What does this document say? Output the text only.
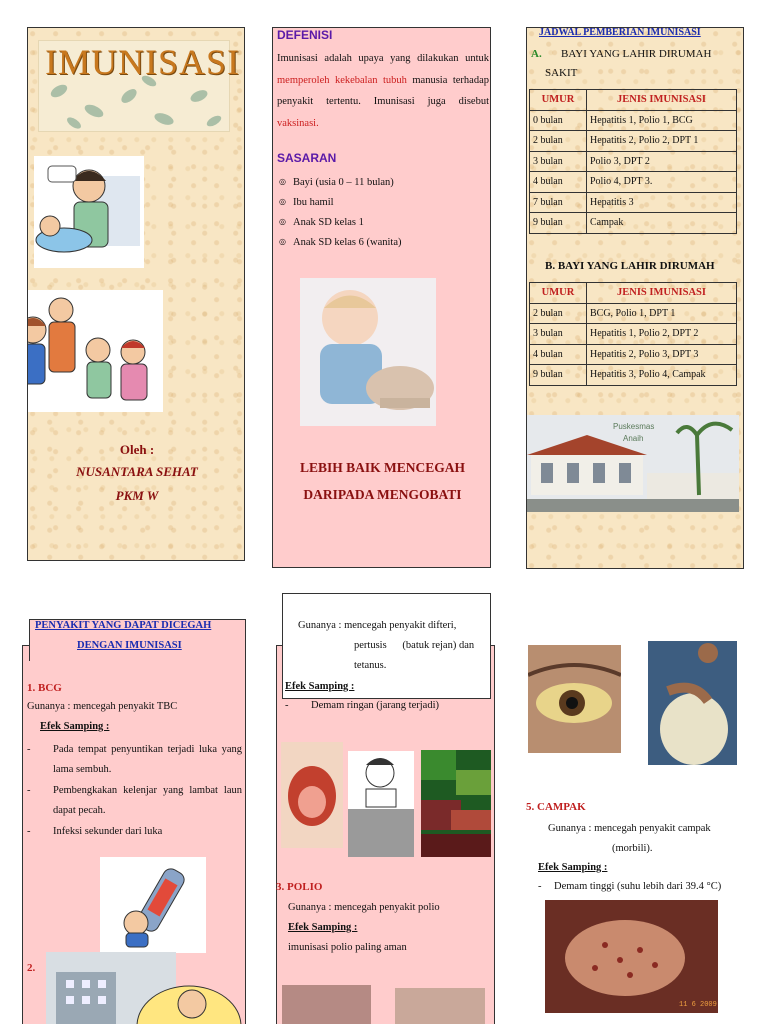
IMUNISASI
Oleh :
NUSANTARA SEHAT
PKM W
DEFENISI
Imunisasi adalah upaya yang dilakukan untuk memperoleh kekebalan tubuh manusia terhadap penyakit tertentu. Imunisasi juga disebut vaksinasi.
SASARAN
◎ Bayi (usia 0 – 11 bulan)
◎ Ibu hamil
◎ Anak SD kelas 1
◎ Anak SD kelas 6 (wanita)
LEBIH BAIK MENCEGAH
DARIPADA MENGOBATI
JADWAL PEMBERIAN IMUNISASI
A. BAYI YANG LAHIR DIRUMAH
SAKIT
UMUR	JENIS IMUNISASI
0 bulan	Hepatitis 1, Polio 1, BCG
2 bulan	Hepatitis 2, Polio 2, DPT 1
3 bulan	Polio 3, DPT 2
4 bulan	Polio 4, DPT 3.
7 bulan	Hepatitis 3
9 bulan	Campak
B. BAYI YANG LAHIR DIRUMAH
UMUR	JENIS IMUNISASI
2 bulan	BCG, Polio 1, DPT 1
3 bulan	Hepatitis 1, Polio 2, DPT 2
4 bulan	Hepatitis 2, Polio 3, DPT 3
9 bulan	Hepatitis 3, Polio 4, Campak
Puskesmas
Anaih
PENYAKIT YANG DAPAT DICEGAH
DENGAN IMUNISASI
1. BCG
Gunanya : mencegah penyakit TBC
Efek Samping :
- Pada tempat penyuntikan terjadi luka yang lama sembuh.
- Pembengkakan kelenjar yang lambat laun dapat pecah.
- Infeksi sekunder dari luka
2.
Gunanya : mencegah penyakit difteri,
pertusis      (batuk rejan) dan
tetanus.
Efek Samping :
- Demam ringan (jarang terjadi)
3. POLIO
Gunanya : mencegah penyakit polio
Efek Samping :
imunisasi polio paling aman
5. CAMPAK
Gunanya : mencegah penyakit campak
(morbili).
Efek Samping :
- Demam tinggi (suhu lebih dari 39.4 °C)
11 6 2009
